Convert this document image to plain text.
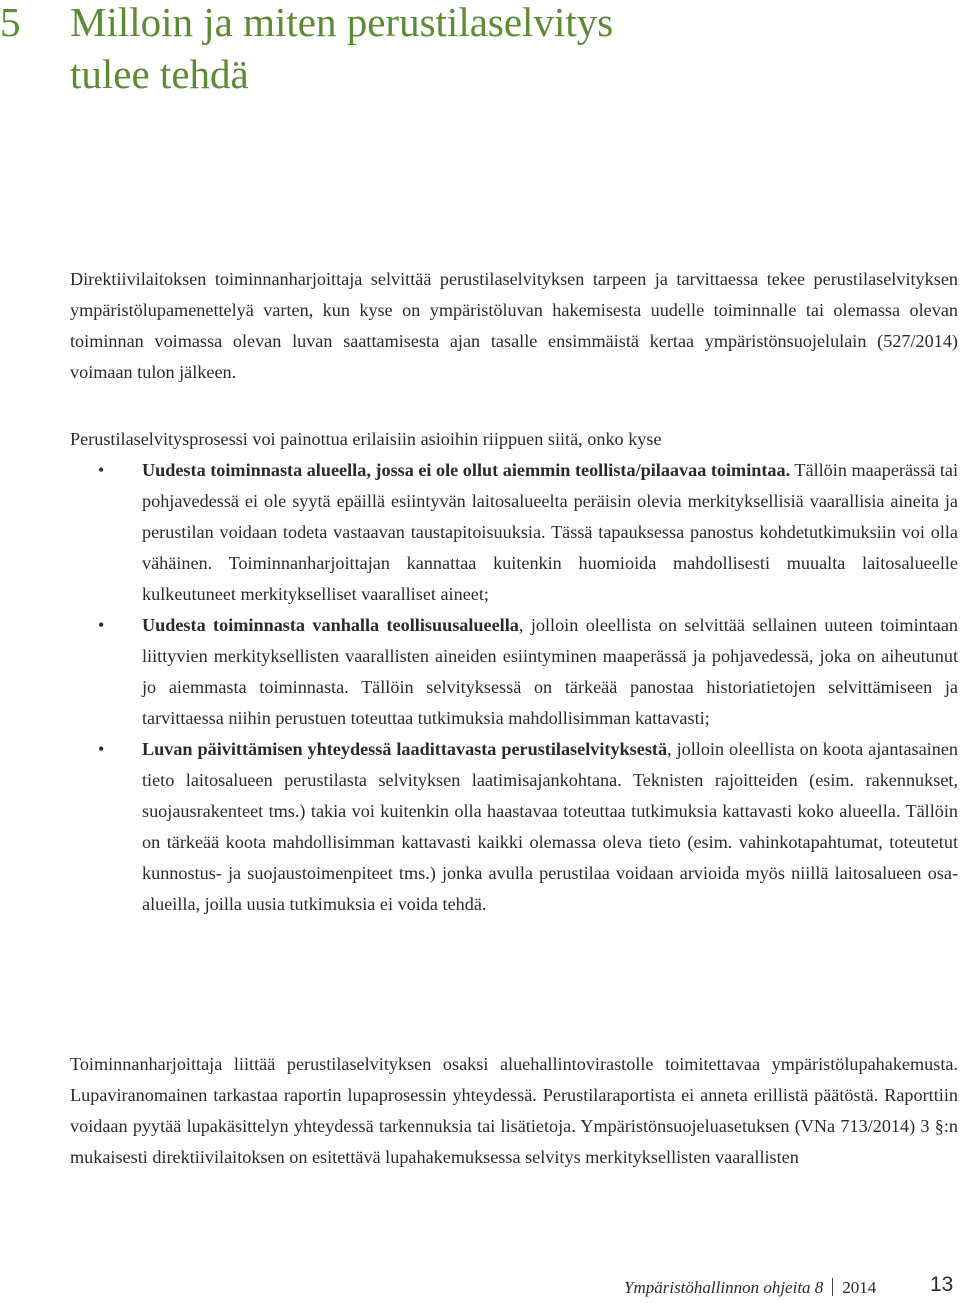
5 Milloin ja miten perustilaselvitys
tulee tehdä
Direktiivilaitoksen toiminnanharjoittaja selvittää perustilaselvityksen tarpeen ja tarvittaessa tekee perustilaselvityksen ympäristölupamenettelyä varten, kun kyse on ympäristöluvan hakemisesta uudelle toiminnalle tai olemassa olevan toiminnan voimassa olevan luvan saattamisesta ajan tasalle ensimmäistä kertaa ympäristönsuojelulain (527/2014) voimaan tulon jälkeen.

Perustilaselvitysprosessi voi painottua erilaisiin asioihin riippuen siitä, onko kyse

• Uudesta toiminnasta alueella, jossa ei ole ollut aiemmin teollista/pilaavaa toimintaa. Tällöin maaperässä tai pohjavedessä ei ole syytä epäillä esiintyvän laitosalueelta peräisin olevia merkityksellisiä vaarallisia aineita ja perustilan voidaan todeta vastaavan taustapitoisuuksia. Tässä tapauksessa panostus kohdetutkimuksiin voi olla vähäinen. Toiminnanharjoittajan kannattaa kuitenkin huomioida mahdollisesti muualta laitosalueelle kulkeutuneet merkitykselliset vaaralliset aineet;
• Uudesta toiminnasta vanhalla teollisuusalueella, jolloin oleellista on selvittää sellainen uuteen toimintaan liittyvien merkityksellisten vaarallisten aineiden esiintyminen maaperässä ja pohjavedessä, joka on aiheutunut jo aiemmasta toiminnasta. Tällöin selvityksessä on tärkeää panostaa historiatietojen selvittämiseen ja tarvittaessa niihin perustuen toteuttaa tutkimuksia mahdollisimman kattavasti;
• Luvan päivittämisen yhteydessä laadittavasta perustilaselvityksestä, jolloin oleellista on koota ajantasainen tieto laitosalueen perustilasta selvityksen laatimisajankohtana. Teknisten rajoitteiden (esim. rakennukset, suojausrakenteet tms.) takia voi kuitenkin olla haastavaa toteuttaa tutkimuksia kattavasti koko alueella. Tällöin on tärkeää koota mahdollisimman kattavasti kaikki olemassa oleva tieto (esim. vahinkotapahtumat, toteutetut kunnostus- ja suojaustoimenpiteet tms.) jonka avulla perustilaa voidaan arvioida myös niillä laitosalueen osa-alueilla, joilla uusia tutkimuksia ei voida tehdä.
Toiminnanharjoittaja liittää perustilaselvityksen osaksi aluehallintovirastolle toimitettavaa ympäristölupahakemusta. Lupaviranomainen tarkastaa raportin lupaprosessin yhteydessä. Perustilaraportista ei anneta erillistä päätöstä. Raporttiin voidaan pyytää lupakäsittelyn yhteydessä tarkennuksia tai lisätietoja. Ympäristönsuojeluasetuksen (VNa 713/2014) 3 §:n mukaisesti direktiivilaitoksen on esitettävä lupahakemuksessa selvitys merkityksellisten vaarallisten
Ympäristöhallinnon ohjeita 8 2014	13
